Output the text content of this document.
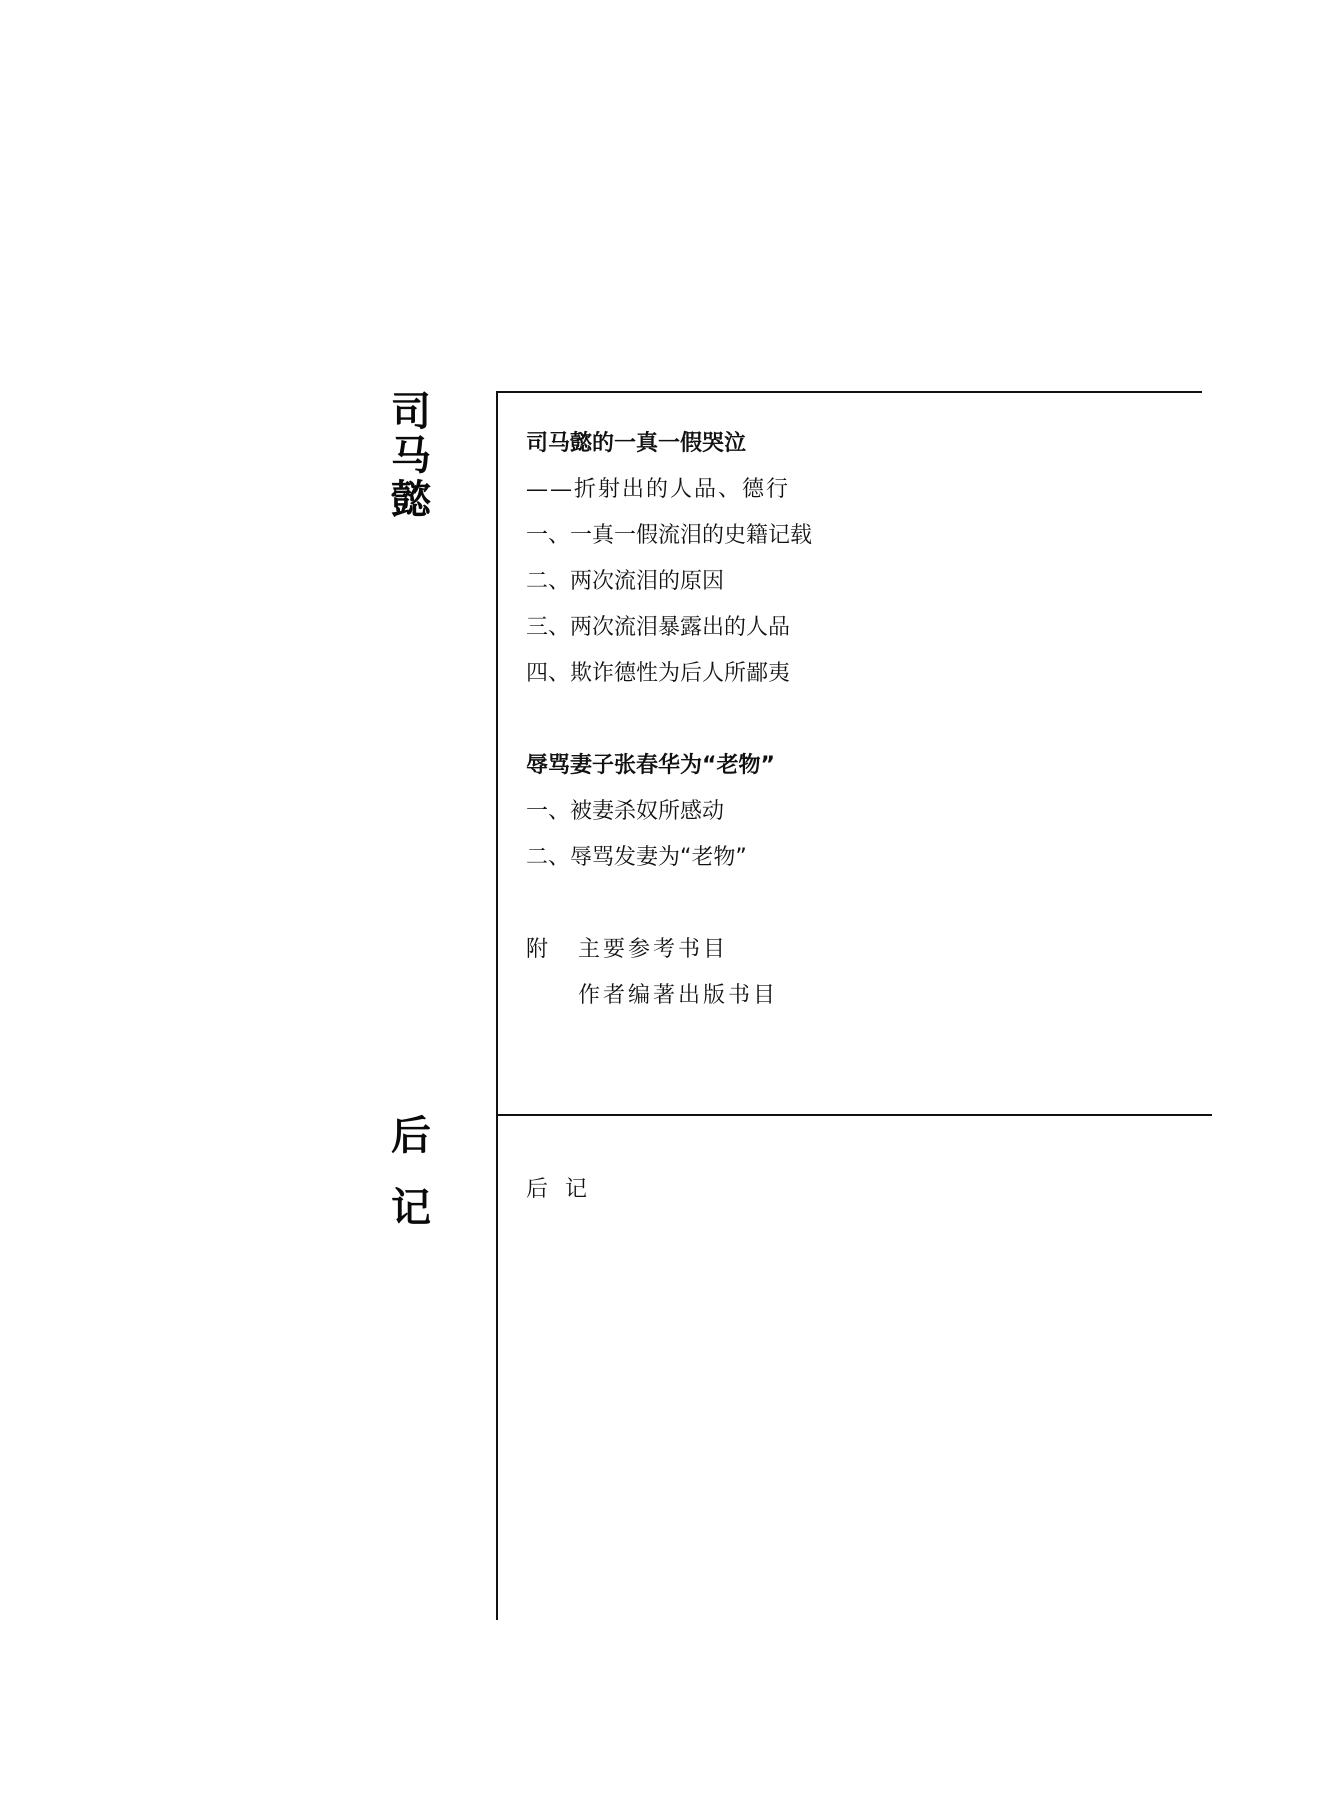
司
马
懿
后
记
司马懿的一真一假哭泣
——折射出的人品、德行
一、一真一假流泪的史籍记载
二、两次流泪的原因
三、两次流泪暴露出的人品
四、欺诈德性为后人所鄙夷
辱骂妻子张春华为“老物”
一、被妻杀奴所感动
二、辱骂发妻为“老物”
附 主要参考书目
作者编著出版书目
后  记
